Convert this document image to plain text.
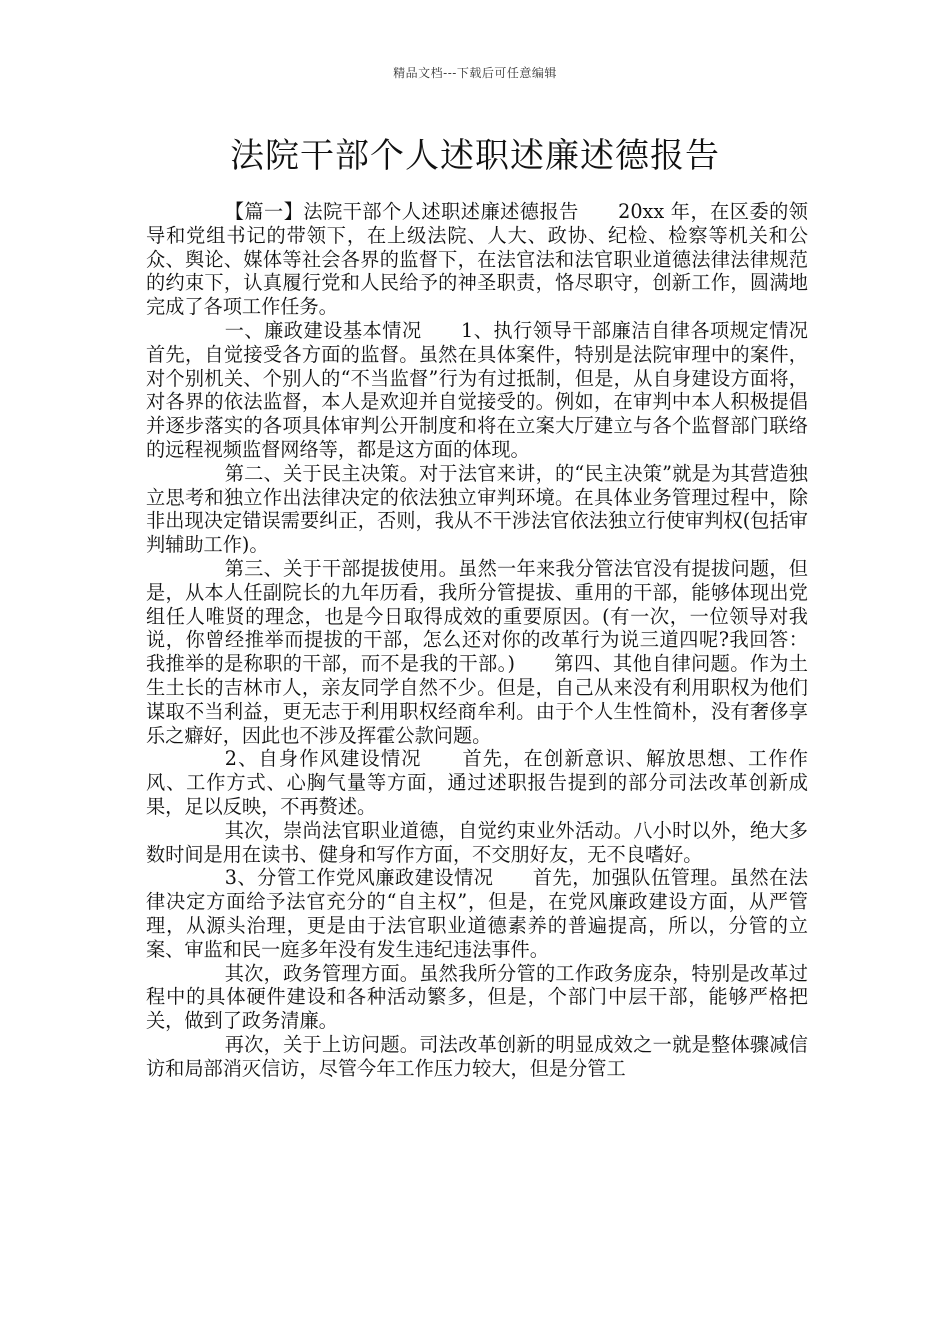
精品文档---下载后可任意编辑
法院干部个人述职述廉述德报告

【篇一】法院干部个人述职述廉述德报告　　20xx 年，在区委的领导和党组书记的带领下，在上级法院、人大、政协、纪检、检察等机关和公众、舆论、媒体等社会各界的监督下，在法官法和法官职业道德法律法律规范的约束下，认真履行党和人民给予的神圣职责，恪尽职守，创新工作，圆满地完成了各项工作任务。

一、廉政建设基本情况　　1、执行领导干部廉洁自律各项规定情况　　首先，自觉接受各方面的监督。虽然在具体案件，特别是法院审理中的案件，对个别机关、个别人的“不当监督”行为有过抵制，但是，从自身建设方面将，对各界的依法监督，本人是欢迎并自觉接受的。例如，在审判中本人积极提倡并逐步落实的各项具体审判公开制度和将在立案大厅建立与各个监督部门联络的远程视频监督网络等，都是这方面的体现。

第二、关于民主决策。对于法官来讲，的“民主决策”就是为其营造独立思考和独立作出法律决定的依法独立审判环境。在具体业务管理过程中，除非出现决定错误需要纠正，否则，我从不干涉法官依法独立行使审判权(包括审判辅助工作)。

第三、关于干部提拔使用。虽然一年来我分管法官没有提拔问题，但是，从本人任副院长的九年历看，我所分管提拔、重用的干部，能够体现出党组任人唯贤的理念，也是今日取得成效的重要原因。(有一次，一位领导对我说，你曾经推举而提拔的干部，怎么还对你的改革行为说三道四呢?我回答：我推举的是称职的干部，而不是我的干部。)　　第四、其他自律问题。作为土生土长的吉林市人，亲友同学自然不少。但是，自己从来没有利用职权为他们谋取不当利益，更无志于利用职权经商牟利。由于个人生性简朴，没有奢侈享乐之癖好，因此也不涉及挥霍公款问题。

2、自身作风建设情况　　首先，在创新意识、解放思想、工作作风、工作方式、心胸气量等方面，通过述职报告提到的部分司法改革创新成果，足以反映，不再赘述。

其次，崇尚法官职业道德，自觉约束业外活动。八小时以外，绝大多数时间是用在读书、健身和写作方面，不交朋好友，无不良嗜好。

3、分管工作党风廉政建设情况　　首先，加强队伍管理。虽然在法律决定方面给予法官充分的“自主权”，但是，在党风廉政建设方面，从严管理，从源头治理，更是由于法官职业道德素养的普遍提高，所以，分管的立案、审监和民一庭多年没有发生违纪违法事件。

其次，政务管理方面。虽然我所分管的工作政务庞杂，特别是改革过程中的具体硬件建设和各种活动繁多，但是，个部门中层干部，能够严格把关，做到了政务清廉。

再次，关于上访问题。司法改革创新的明显成效之一就是整体骤减信访和局部消灭信访，尽管今年工作压力较大，但是分管工
